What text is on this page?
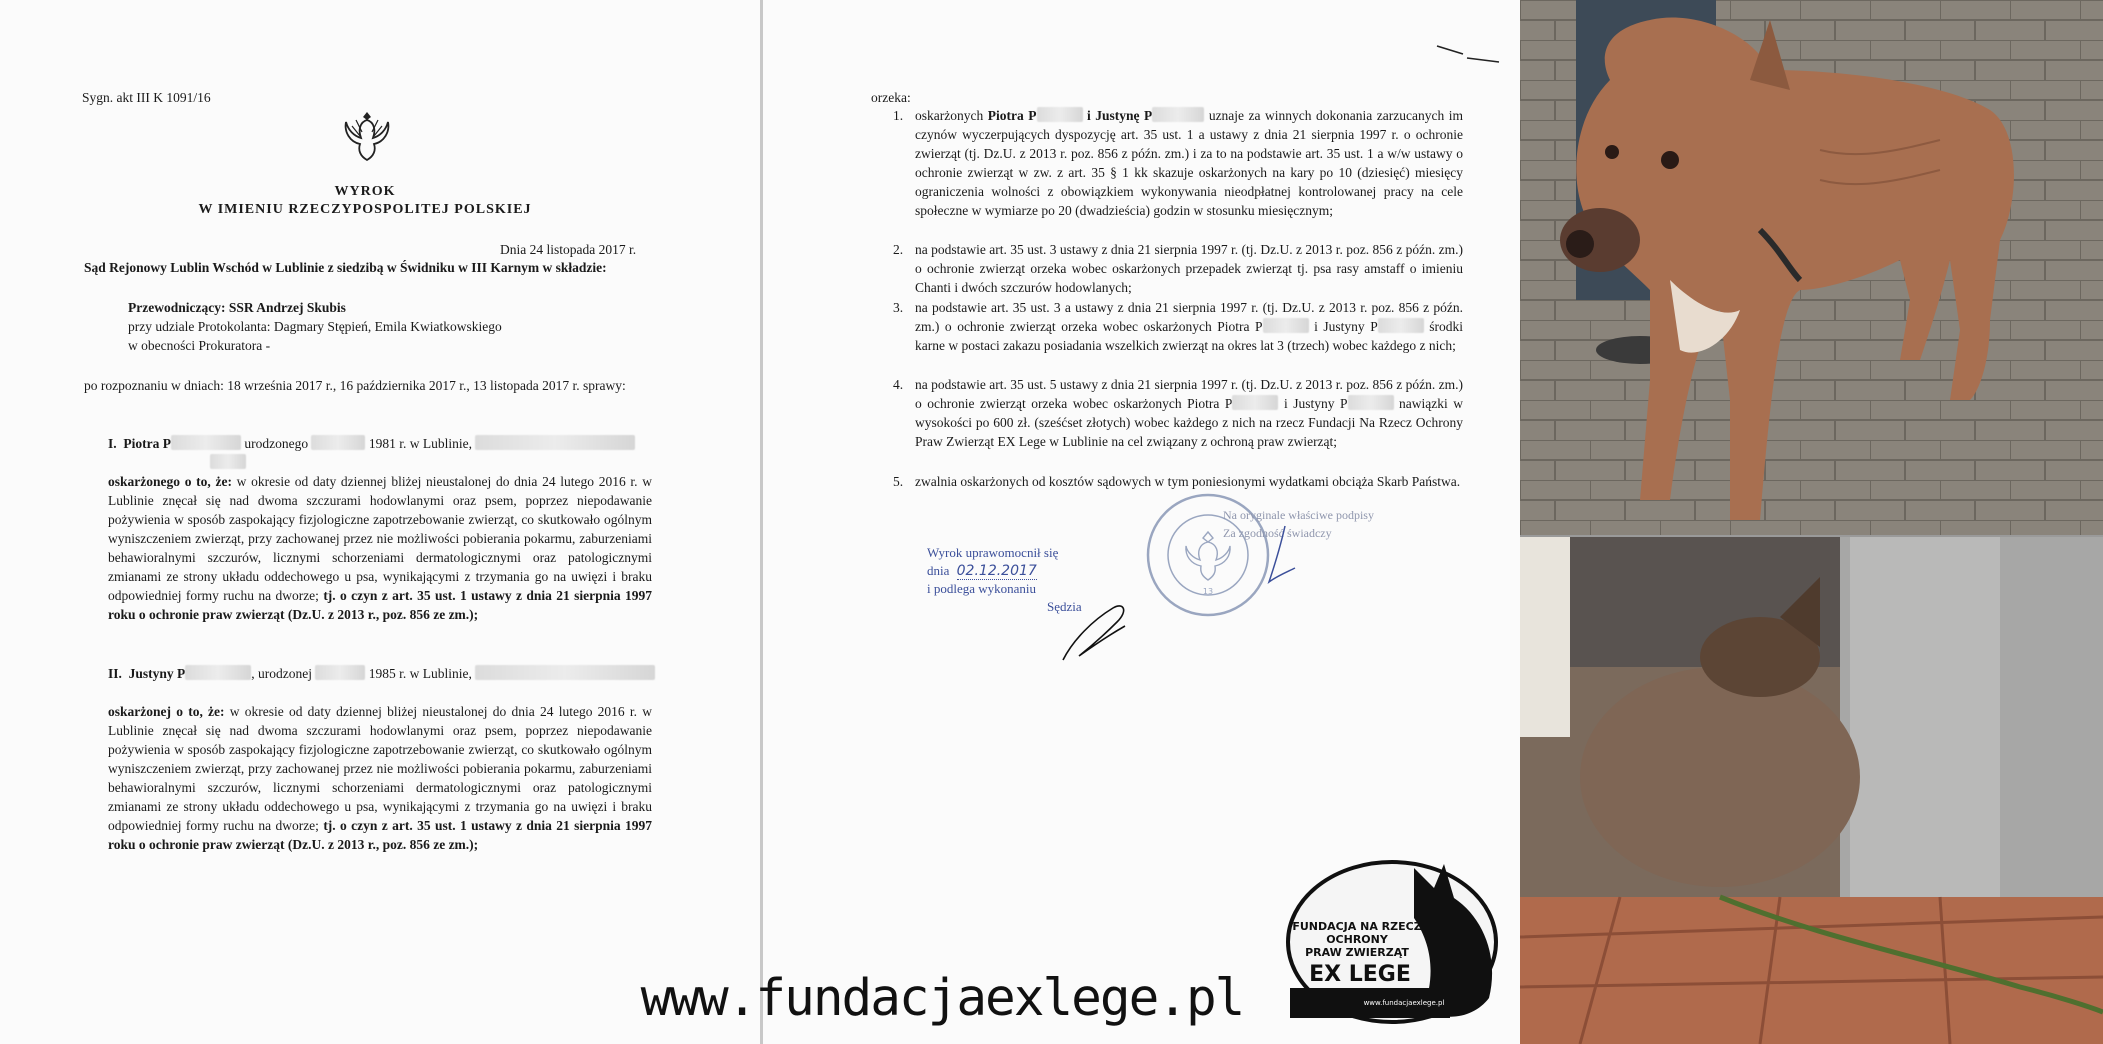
Sygn. akt III K 1091/16
WYROK
W IMIENIU RZECZYPOSPOLITEJ POLSKIEJ
Dnia 24 listopada 2017 r.
Sąd Rejonowy Lublin Wschód w Lublinie z siedzibą w Świdniku w III Karnym w składzie:
Przewodniczący: SSR Andrzej Skubis
przy udziale Protokolanta: Dagmary Stępień, Emila Kwiatkowskiego
w obecności Prokuratora -
po rozpoznaniu w dniach: 18 września 2017 r., 16 października 2017 r., 13 listopada 2017 r. sprawy:
I. Piotra P	urodzonego	1981 r. w Lublinie,
oskarżonego o to, że: w okresie od daty dziennej bliżej nieustalonej do dnia 24 lutego 2016 r. w Lublinie znęcał się nad dwoma szczurami hodowlanymi oraz psem, poprzez niepodawanie pożywienia w sposób zaspokający fizjologiczne zapotrzebowanie zwierząt, co skutkowało ogólnym wyniszczeniem zwierząt, przy zachowanej przez nie możliwości pobierania pokarmu, zaburzeniami behawioralnymi szczurów, licznymi schorzeniami dermatologicznymi oraz patologicznymi zmianami ze strony układu oddechowego u psa, wynikającymi z trzymania go na uwięzi i braku odpowiedniej formy ruchu na dworze; tj. o czyn z art. 35 ust. 1 ustawy z dnia 21 sierpnia 1997 roku o ochronie praw zwierząt (Dz.U. z 2013 r., poz. 856 ze zm.);
II. Justyny P	, urodzonej	1985 r. w Lublinie,
oskarżonej o to, że: w okresie od daty dziennej bliżej nieustalonej do dnia 24 lutego 2016 r. w Lublinie znęcał się nad dwoma szczurami hodowlanymi oraz psem, poprzez niepodawanie pożywienia w sposób zaspokający fizjologiczne zapotrzebowanie zwierząt, co skutkowało ogólnym wyniszczeniem zwierząt, przy zachowanej przez nie możliwości pobierania pokarmu, zaburzeniami behawioralnymi szczurów, licznymi schorzeniami dermatologicznymi oraz patologicznymi zmianami ze strony układu oddechowego u psa, wynikającymi z trzymania go na uwięzi i braku odpowiedniej formy ruchu na dworze; tj. o czyn z art. 35 ust. 1 ustawy z dnia 21 sierpnia 1997 roku o ochronie praw zwierząt (Dz.U. z 2013 r., poz. 856 ze zm.);
orzeka:
1. oskarżonych Piotra P	i Justynę P	uznaje za winnych dokonania zarzucanych im czynów wyczerpujących dyspozycję art. 35 ust. 1 a ustawy z dnia 21 sierpnia 1997 r. o ochronie zwierząt (tj. Dz.U. z 2013 r. poz. 856 z późn. zm.) i za to na podstawie art. 35 ust. 1 a w/w ustawy o ochronie zwierząt w zw. z art. 35 § 1 kk skazuje oskarżonych na kary po 10 (dziesięć) miesięcy ograniczenia wolności z obowiązkiem wykonywania nieodpłatnej kontrolowanej pracy na cele społeczne w wymiarze po 20 (dwadzieścia) godzin w stosunku miesięcznym;
2. na podstawie art. 35 ust. 3 ustawy z dnia 21 sierpnia 1997 r. (tj. Dz.U. z 2013 r. poz. 856 z późn. zm.) o ochronie zwierząt orzeka wobec oskarżonych przepadek zwierząt tj. psa rasy amstaff o imieniu Chanti i dwóch szczurów hodowlanych;
3. na podstawie art. 35 ust. 3 a ustawy z dnia 21 sierpnia 1997 r. (tj. Dz.U. z 2013 r. poz. 856 z późn. zm.) o ochronie zwierząt orzeka wobec oskarżonych Piotra P	i Justyny P	środki karne w postaci zakazu posiadania wszelkich zwierząt na okres lat 3 (trzech) wobec każdego z nich;
4. na podstawie art. 35 ust. 5 ustawy z dnia 21 sierpnia 1997 r. (tj. Dz.U. z 2013 r. poz. 856 z późn. zm.) o ochronie zwierząt orzeka wobec oskarżonych Piotra P	i Justyny P	nawiązki w wysokości po 600 zł. (sześćset złotych) wobec każdego z nich na rzecz Fundacji Na Rzecz Ochrony Praw Zwierząt EX Lege w Lublinie na cel związany z ochroną praw zwierząt;
5. zwalnia oskarżonych od kosztów sądowych w tym poniesionymi wydatkami obciąża Skarb Państwa.
Wyrok uprawomocnił się
dnia 02.12.2017
i podlega wykonaniu
Sędzia
13
Na oryginale właściwe podpisy
Za zgodność świadczy
www.fundacjaexlege.pl
FUNDACJA NA RZECZ
OCHRONY
PRAW ZWIERZĄT
EX LEGE
www.fundacjaexlege.pl
